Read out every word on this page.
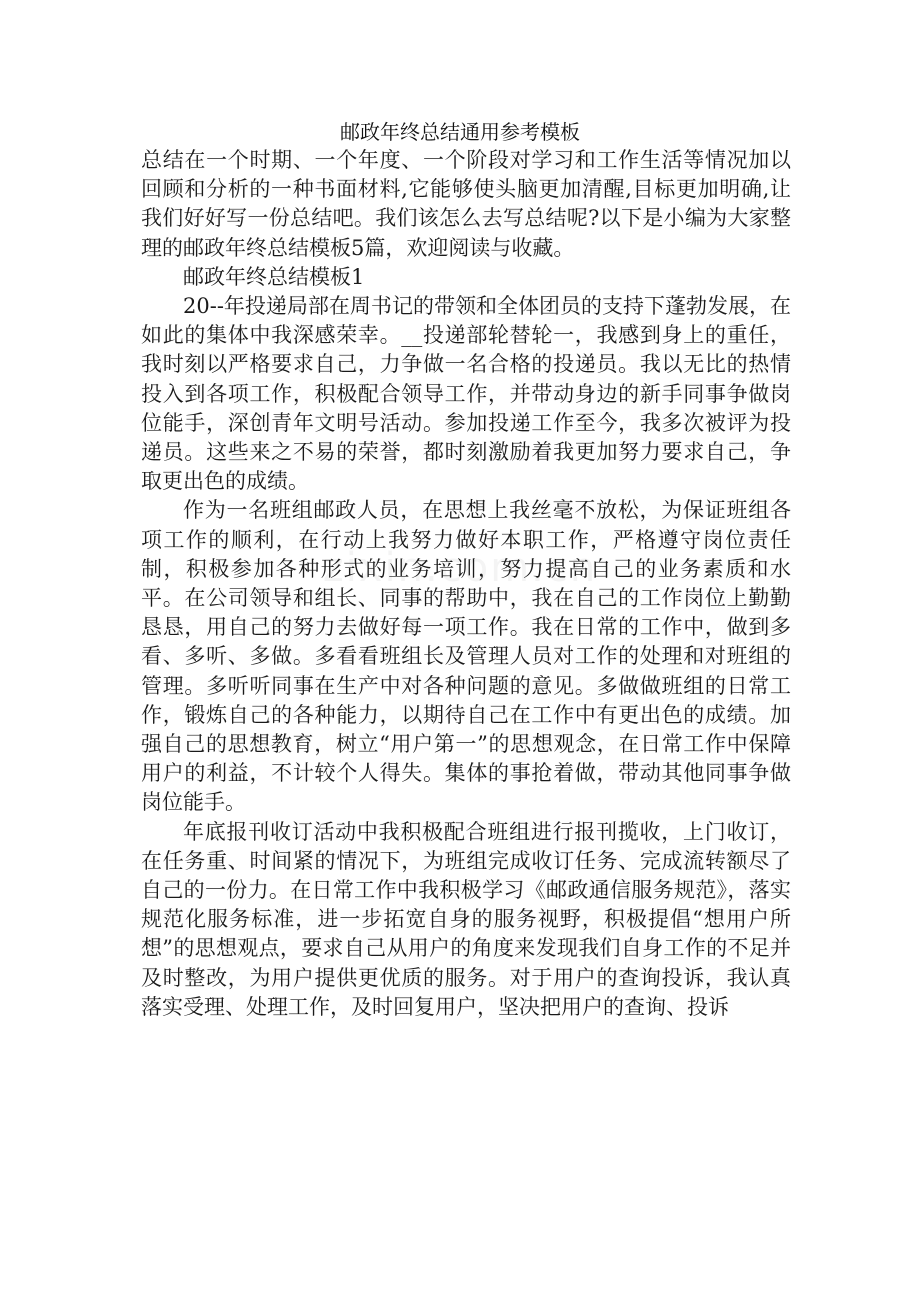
邮政年终总结通用参考模板

总结在一个时期、一个年度、一个阶段对学习和工作生活等情况加以回顾和分析的一种书面材料,它能够使头脑更加清醒,目标更加明确,让我们好好写一份总结吧。我们该怎么去写总结呢?以下是小编为大家整理的邮政年终总结模板5篇，欢迎阅读与收藏。

邮政年终总结模板1

20--年投递局部在周书记的带领和全体团员的支持下蓬勃发展，在如此的集体中我深感荣幸。__投递部轮替轮一，我感到身上的重任，我时刻以严格要求自己，力争做一名合格的投递员。我以无比的热情投入到各项工作，积极配合领导工作，并带动身边的新手同事争做岗位能手，深创青年文明号活动。参加投递工作至今，我多次被评为投递员。这些来之不易的荣誉，都时刻激励着我更加努力要求自己，争取更出色的成绩。

作为一名班组邮政人员，在思想上我丝毫不放松，为保证班组各项工作的顺利，在行动上我努力做好本职工作，严格遵守岗位责任制，积极参加各种形式的业务培训，努力提高自己的业务素质和水平。在公司领导和组长、同事的帮助中，我在自己的工作岗位上勤勤恳恳，用自己的努力去做好每一项工作。我在日常的工作中，做到多看、多听、多做。多看看班组长及管理人员对工作的处理和对班组的管理。多听听同事在生产中对各种问题的意见。多做做班组的日常工作，锻炼自己的各种能力，以期待自己在工作中有更出色的成绩。加强自己的思想教育，树立“用户第一”的思想观念，在日常工作中保障用户的利益，不计较个人得失。集体的事抢着做，带动其他同事争做岗位能手。

年底报刊收订活动中我积极配合班组进行报刊揽收，上门收订，在任务重、时间紧的情况下，为班组完成收订任务、完成流转额尽了自己的一份力。在日常工作中我积极学习《邮政通信服务规范》，落实规范化服务标准，进一步拓宽自身的服务视野，积极提倡“想用户所想”的思想观点，要求自己从用户的角度来发现我们自身工作的不足并及时整改，为用户提供更优质的服务。对于用户的查询投诉，我认真落实受理、处理工作，及时回复用户，坚决把用户的查询、投诉
